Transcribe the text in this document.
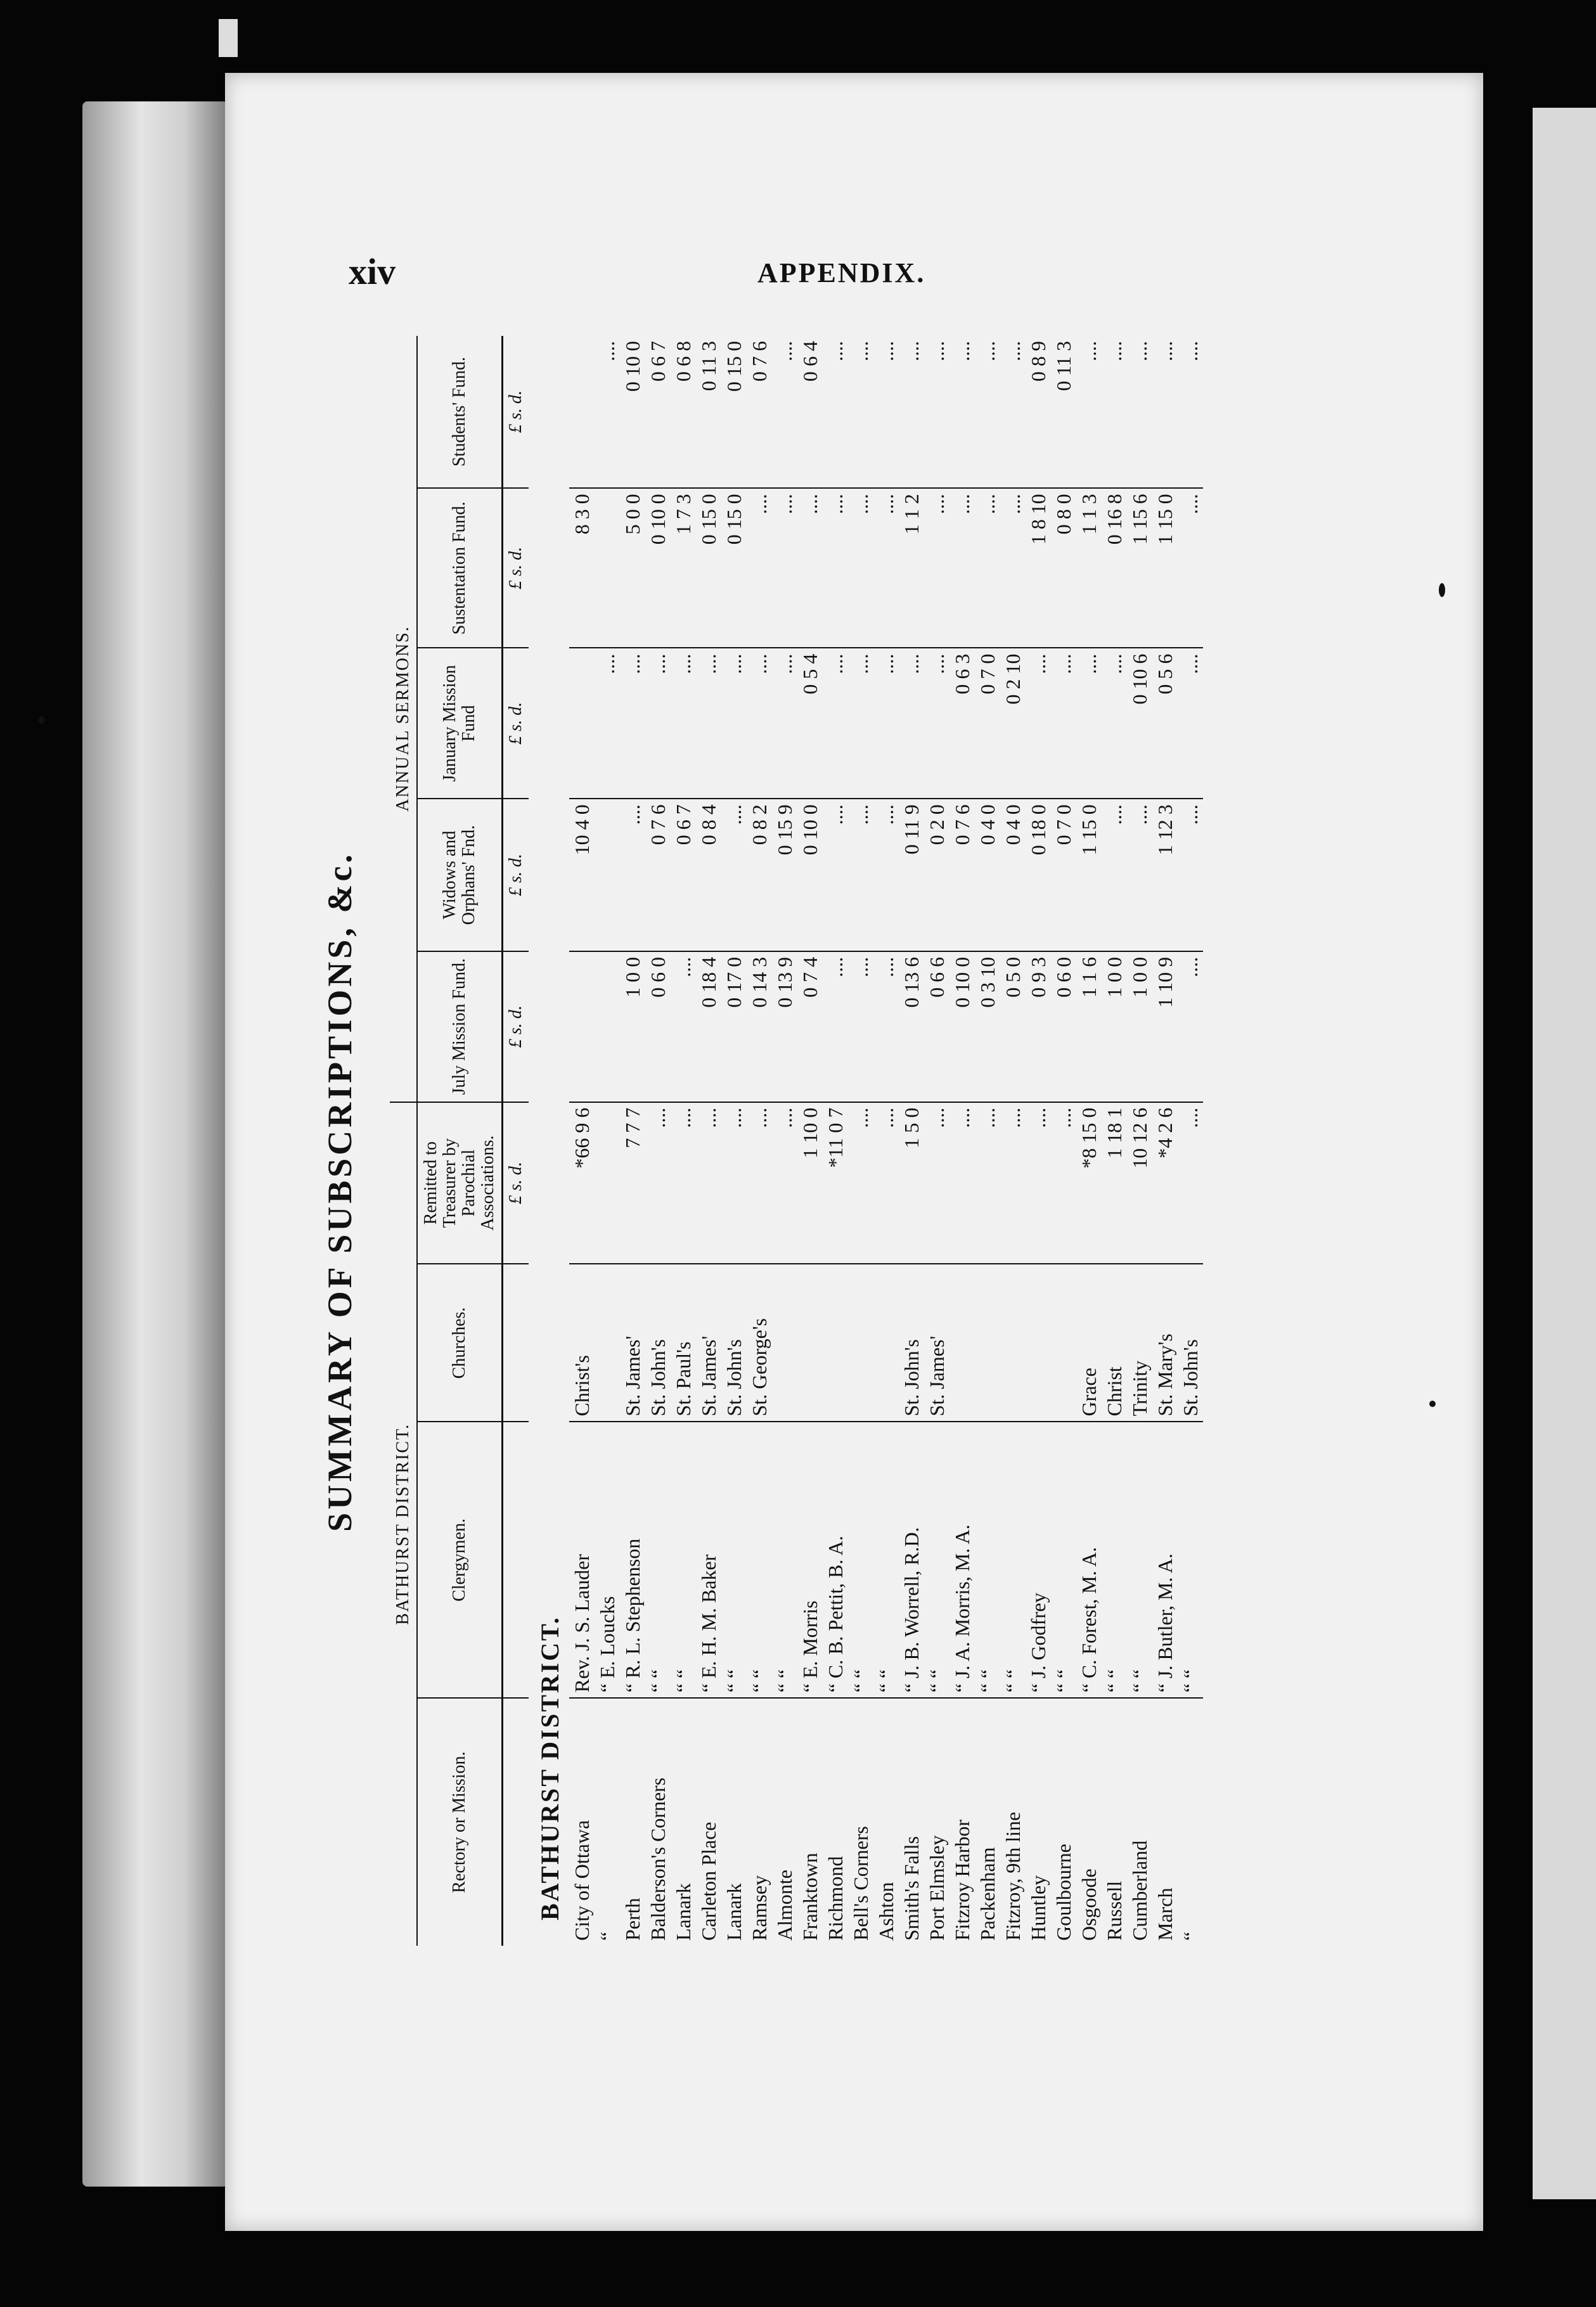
xiv	APPENDIX.
SUMMARY OF SUBSCRIPTIONS, &c.	BATHURST DISTRICT.				ANNUAL SERMONS.				
Rectory or Mission.	Clergymen.	Churches.	Remitted to Treasurer by Parochial Associations.	July Mission Fund.	Widows and Orphans' Fnd.	January Mission Fund	Sustentation Fund.	Students' Fund.
			£ s. d.	£ s. d.	£ s. d.	£ s. d.	£ s. d.	£ s. d.
BATHURST DISTRICT.								
City of Ottawa	Rev. J. S. Lauder	Christ's	*66 9 6		10 4 0		8 3 0	
“	“ E. Loucks					....		....
Perth	“ R. L. Stephenson	St. James'	7 7 7	1 0 0	....	....	5 0 0	0 10 0
Balderson's Corners	“ “	St. John's	....	0 6 0	0 7 6	....	0 10 0	0 6 7
Lanark	“ “	St. Paul's	....	....	0 6 7	....	1 7 3	0 6 8
Carleton Place	“ E. H. M. Baker	St. James'	....	0 18 4	0 8 4	....	0 15 0	0 11 3
Lanark	“ “	St. John's	....	0 17 0	....	....	0 15 0	0 15 0
Ramsey	“ “	St. George's	....	0 14 3	0 8 2	....	....	0 7 6
Almonte	“ “		....	0 13 9	0 15 9	....	....	....
Franktown	“ E. Morris		1 10 0	0 7 4	0 10 0	0 5 4	....	0 6 4
Richmond	“ C. B. Pettit, B. A.		*11 0 7	....	....	....	....	....
Bell's Corners	“ “		....	....	....	....	....	....
Ashton	“ “		....	....	....	....	....	....
Smith's Falls	“ J. B. Worrell, R.D.	St. John's	1 5 0	0 13 6	0 11 9	....	1 1 2	....
Port Elmsley	“ “	St. James'	....	0 6 6	0 2 0	....	....	....
Fitzroy Harbor	“ J. A. Morris, M. A.		....	0 10 0	0 7 6	0 6 3	....	....
Packenham	“ “		....	0 3 10	0 4 0	0 7 0	....	....
Fitzroy, 9th line	“ “		....	0 5 0	0 4 0	0 2 10	....	....
Huntley	“ J. Godfrey		....	0 9 3	0 18 0	....	1 8 10	0 8 9
Goulbourne	“ “		....	0 6 0	0 7 0	....	0 8 0	0 11 3
Osgoode	“ C. Forest, M. A.	Grace	*8 15 0	1 1 6	1 15 0	....	1 1 3	....
Russell	“ “	Christ	1 18 1	1 0 0	....	....	0 16 8	....
Cumberland	“ “	Trinity	10 12 6	1 0 0	....	0 10 6	1 15 6	....
March	“ J. Butler, M. A.	St. Mary's	*4 2 6	1 10 9	1 12 3	0 5 6	1 15 0	....
“	“ “	St. John's	....	....	....	....	....	....
